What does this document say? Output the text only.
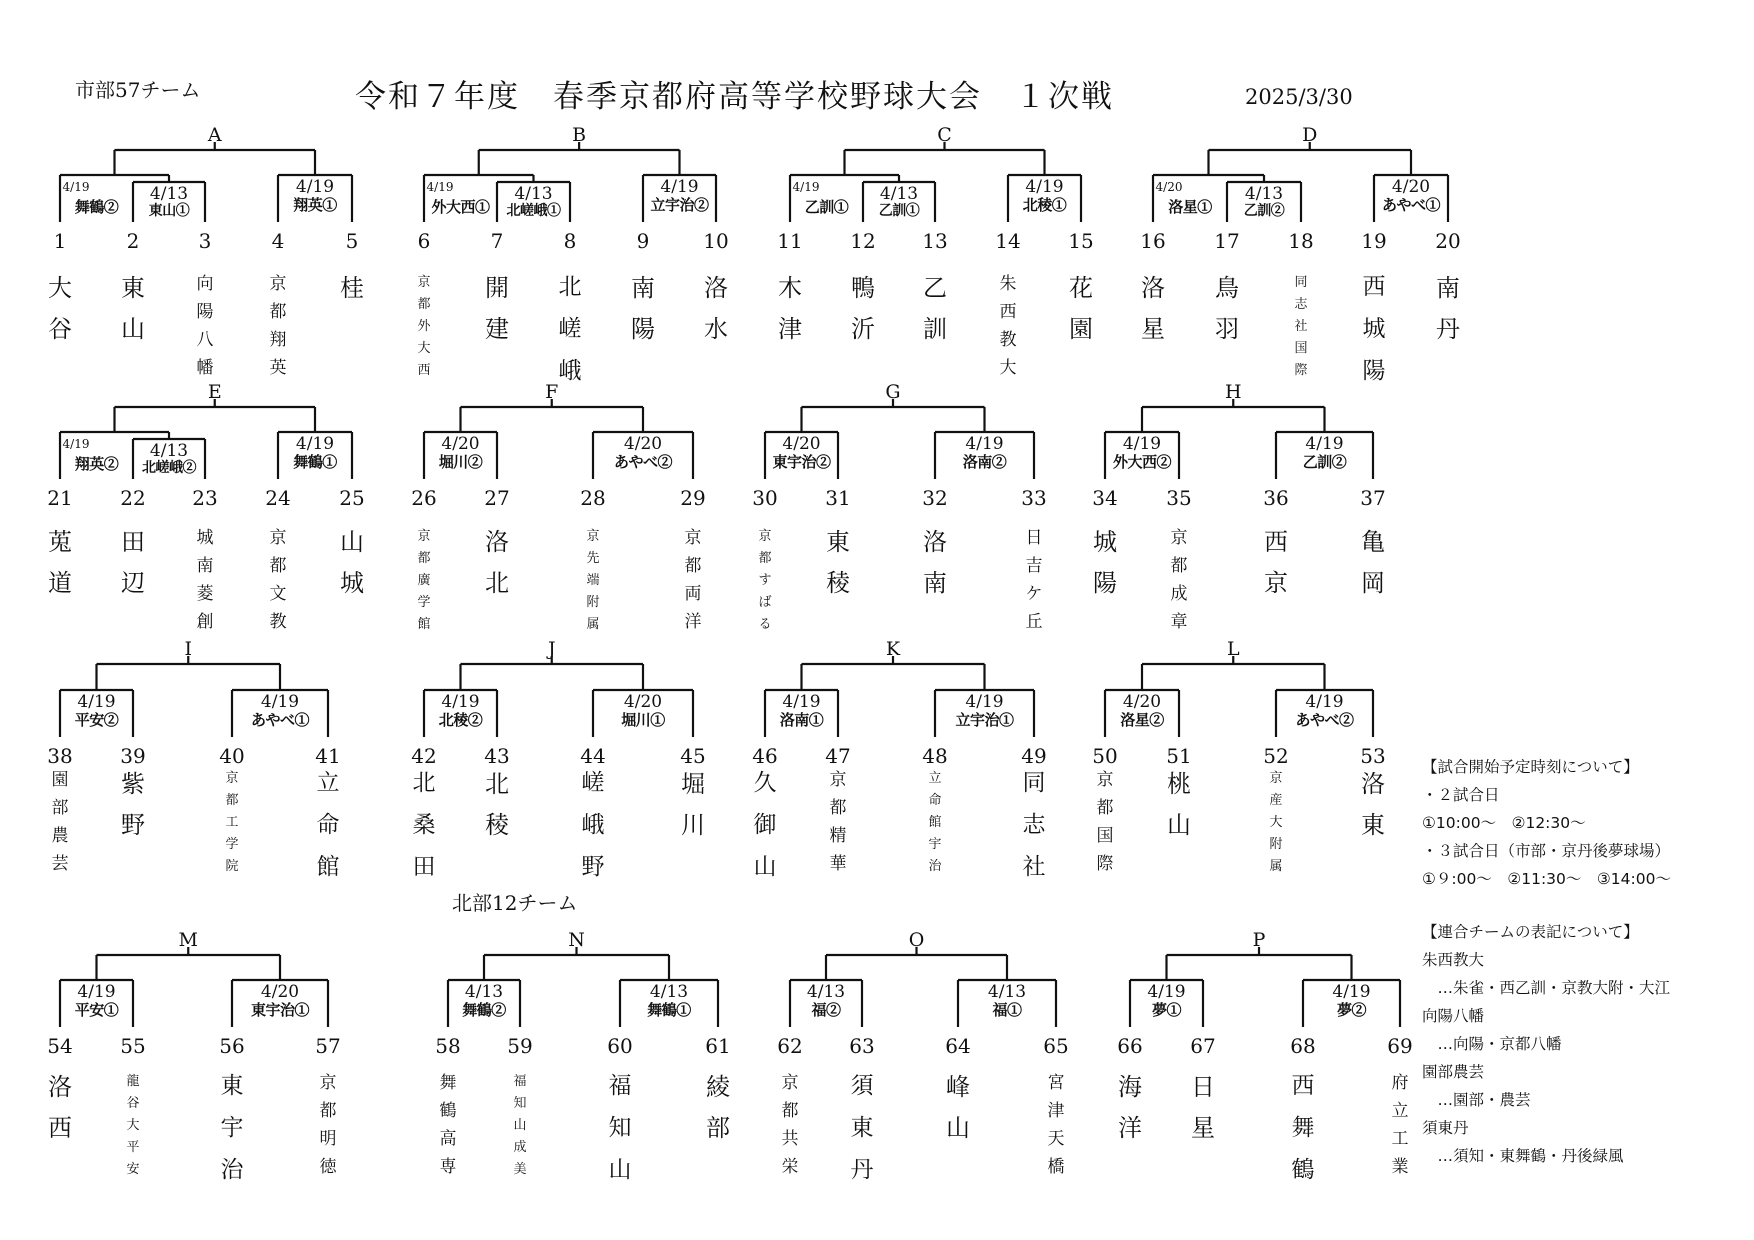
市部57チーム	令和７年度　春季京都府高等学校野球大会　１次戦	2025/3/30
北部12チーム
A
4/19
舞鶴②
4/13
東山①
4/19
翔英①
1
大
谷
2
東
山
3
向
陽
八
幡
4
京
都
翔
英
5
桂
B
4/19
外大西①
4/13
北嵯峨①
4/19
立宇治②
6
京
都
外
大
西
7
開
建
8
北
嵯
峨
9
南
陽
10
洛
水
C
4/19
乙訓①
4/13
乙訓①
4/19
北稜①
11
木
津
12
鴨
沂
13
乙
訓
14
朱
西
教
大
15
花
園
D
4/20
洛星①
4/13
乙訓②
4/20
あやべ①
16
洛
星
17
鳥
羽
18
同
志
社
国
際
19
西
城
陽
20
南
丹
E
4/19
翔英②
4/13
北嵯峨②
4/19
舞鶴①
21
莵
道
22
田
辺
23
城
南
菱
創
24
京
都
文
教
25
山
城
F
4/20
堀川②
4/20
あやべ②
26
京
都
廣
学
館
27
洛
北
28
京
先
端
附
属
29
京
都
両
洋
G
4/20
東宇治②
4/19
洛南②
30
京
都
す
ば
る
31
東
稜
32
洛
南
33
日
吉
ケ
丘
H
4/19
外大西②
4/19
乙訓②
34
城
陽
35
京
都
成
章
36
西
京
37
亀
岡
I
4/19
平安②
4/19
あやべ①
38
園
部
農
芸
39
紫
野
40
京
都
工
学
院
41
立
命
館
J
4/19
北稜②
4/20
堀川①
42
北
桑
田
43
北
稜
44
嵯
峨
野
45
堀
川
K
4/19
洛南①
4/19
立宇治①
46
久
御
山
47
京
都
精
華
48
立
命
館
宇
治
49
同
志
社
L
4/20
洛星②
4/19
あやべ②
50
京
都
国
際
51
桃
山
52
京
産
大
附
属
53
洛
東
M
4/19
平安①
4/20
東宇治①
54
洛
西
55
龍
谷
大
平
安
56
東
宇
治
57
京
都
明
徳
N
4/13
舞鶴②
4/13
舞鶴①
58
舞
鶴
高
専
59
福
知
山
成
美
60
福
知
山
61
綾
部
O
4/13
福②
4/13
福①
62
京
都
共
栄
63
須
東
丹
64
峰
山
65
宮
津
天
橋
P
4/19
夢①
4/19
夢②
66
海
洋
67
日
星
68
西
舞
鶴
69
府
立
工
業
【試合開始予定時刻について】
・２試合日
①10:00～　②12:30～
・３試合日（市部・京丹後夢球場）
①９:00～　②11:30～　③14:00～
【連合チームの表記について】
朱西教大
　…朱雀・西乙訓・京教大附・大江
向陽八幡
　…向陽・京都八幡
園部農芸
　…園部・農芸
須東丹
　…須知・東舞鶴・丹後緑風
